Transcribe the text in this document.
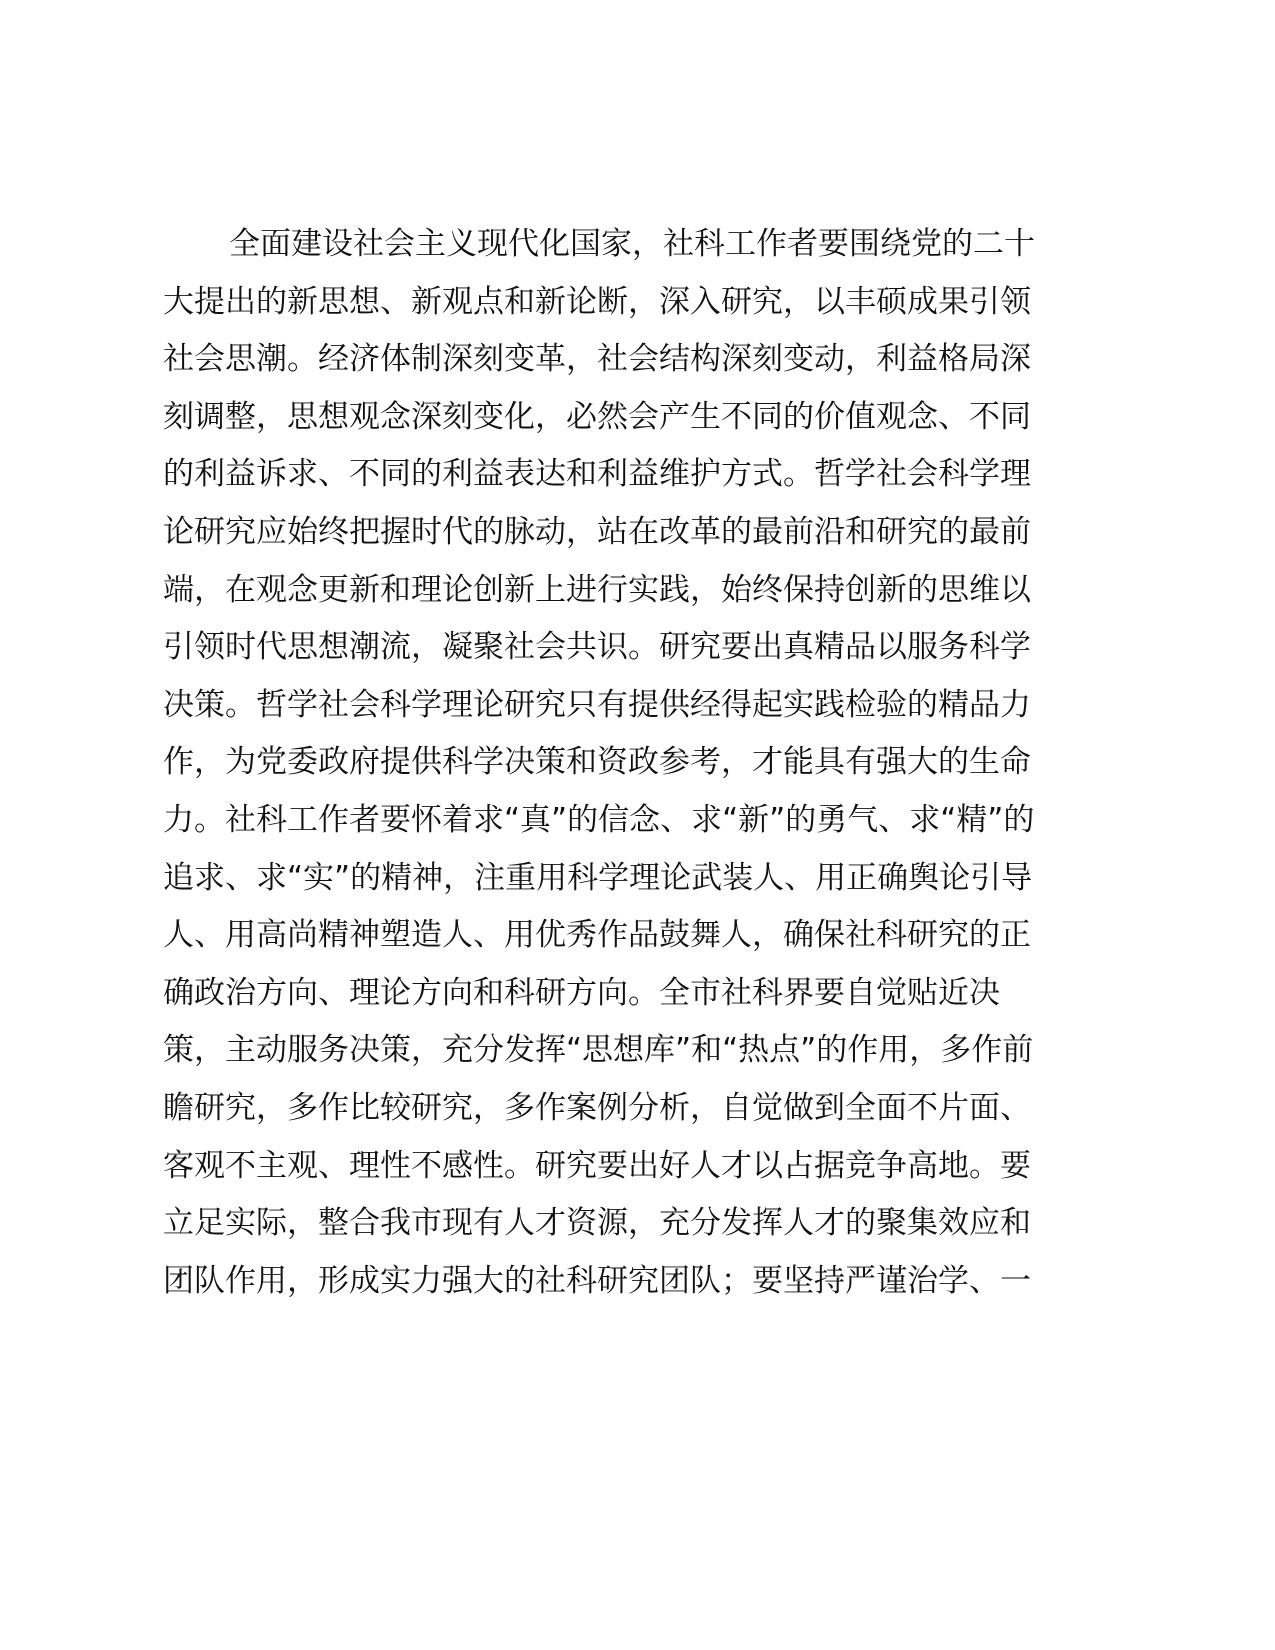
全面建设社会主义现代化国家，社科工作者要围绕党的二十
大提出的新思想、新观点和新论断，深入研究，以丰硕成果引领
社会思潮。经济体制深刻变革，社会结构深刻变动，利益格局深
刻调整，思想观念深刻变化，必然会产生不同的价值观念、不同
的利益诉求、不同的利益表达和利益维护方式。哲学社会科学理
论研究应始终把握时代的脉动，站在改革的最前沿和研究的最前
端，在观念更新和理论创新上进行实践，始终保持创新的思维以
引领时代思想潮流，凝聚社会共识。研究要出真精品以服务科学
决策。哲学社会科学理论研究只有提供经得起实践检验的精品力
作，为党委政府提供科学决策和资政参考，才能具有强大的生命
力。社科工作者要怀着求“真”的信念、求“新”的勇气、求“精”的
追求、求“实”的精神，注重用科学理论武装人、用正确舆论引导
人、用高尚精神塑造人、用优秀作品鼓舞人，确保社科研究的正
确政治方向、理论方向和科研方向。全市社科界要自觉贴近决
策，主动服务决策，充分发挥“思想库”和“热点”的作用，多作前
瞻研究，多作比较研究，多作案例分析，自觉做到全面不片面、
客观不主观、理性不感性。研究要出好人才以占据竞争高地。要
立足实际，整合我市现有人才资源，充分发挥人才的聚集效应和
团队作用，形成实力强大的社科研究团队；要坚持严谨治学、一
